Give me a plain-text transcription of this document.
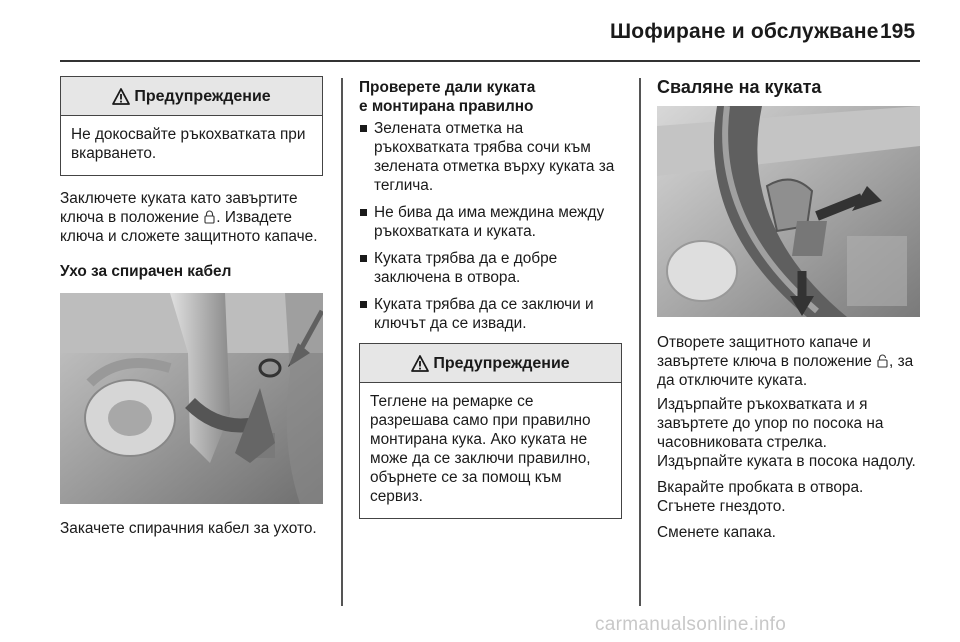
Шофиране и обслужване 195
Предупреждение
Не докосвайте ръкохватката при вкарването.

Заключете куката като завъртите ключа в положение . Извадете ключа и сложете защитното капаче.

Ухо за спирачен кабел

Закачете спирачния кабел за ухото.

Проверете дали куката
е монтирана правилно

Зелената отметка на ръкохватката трябва сочи към зелената отметка върху куката за теглича.
Не бива да има междина между ръкохватката и куката.
Куката трябва да е добре заключена в отвора.
Куката трябва да се заключи и ключът да се извади.
Предупреждение
Теглене на ремарке се разрешава само при правилно монтирана кука. Ако куката не може да се заключи правилно, обърнете се за помощ към сервиз.

Сваляне на куката

Отворете защитното капаче и завъртете ключа в положение , за да отключите куката.

Издърпайте ръкохватката и я завъртете до упор по посока на часовниковата стрелка.

Издърпайте куката в посока надолу.

Вкарайте пробката в отвора. Сгънете гнездото.

Сменете капака.

carmanualsonline.info
